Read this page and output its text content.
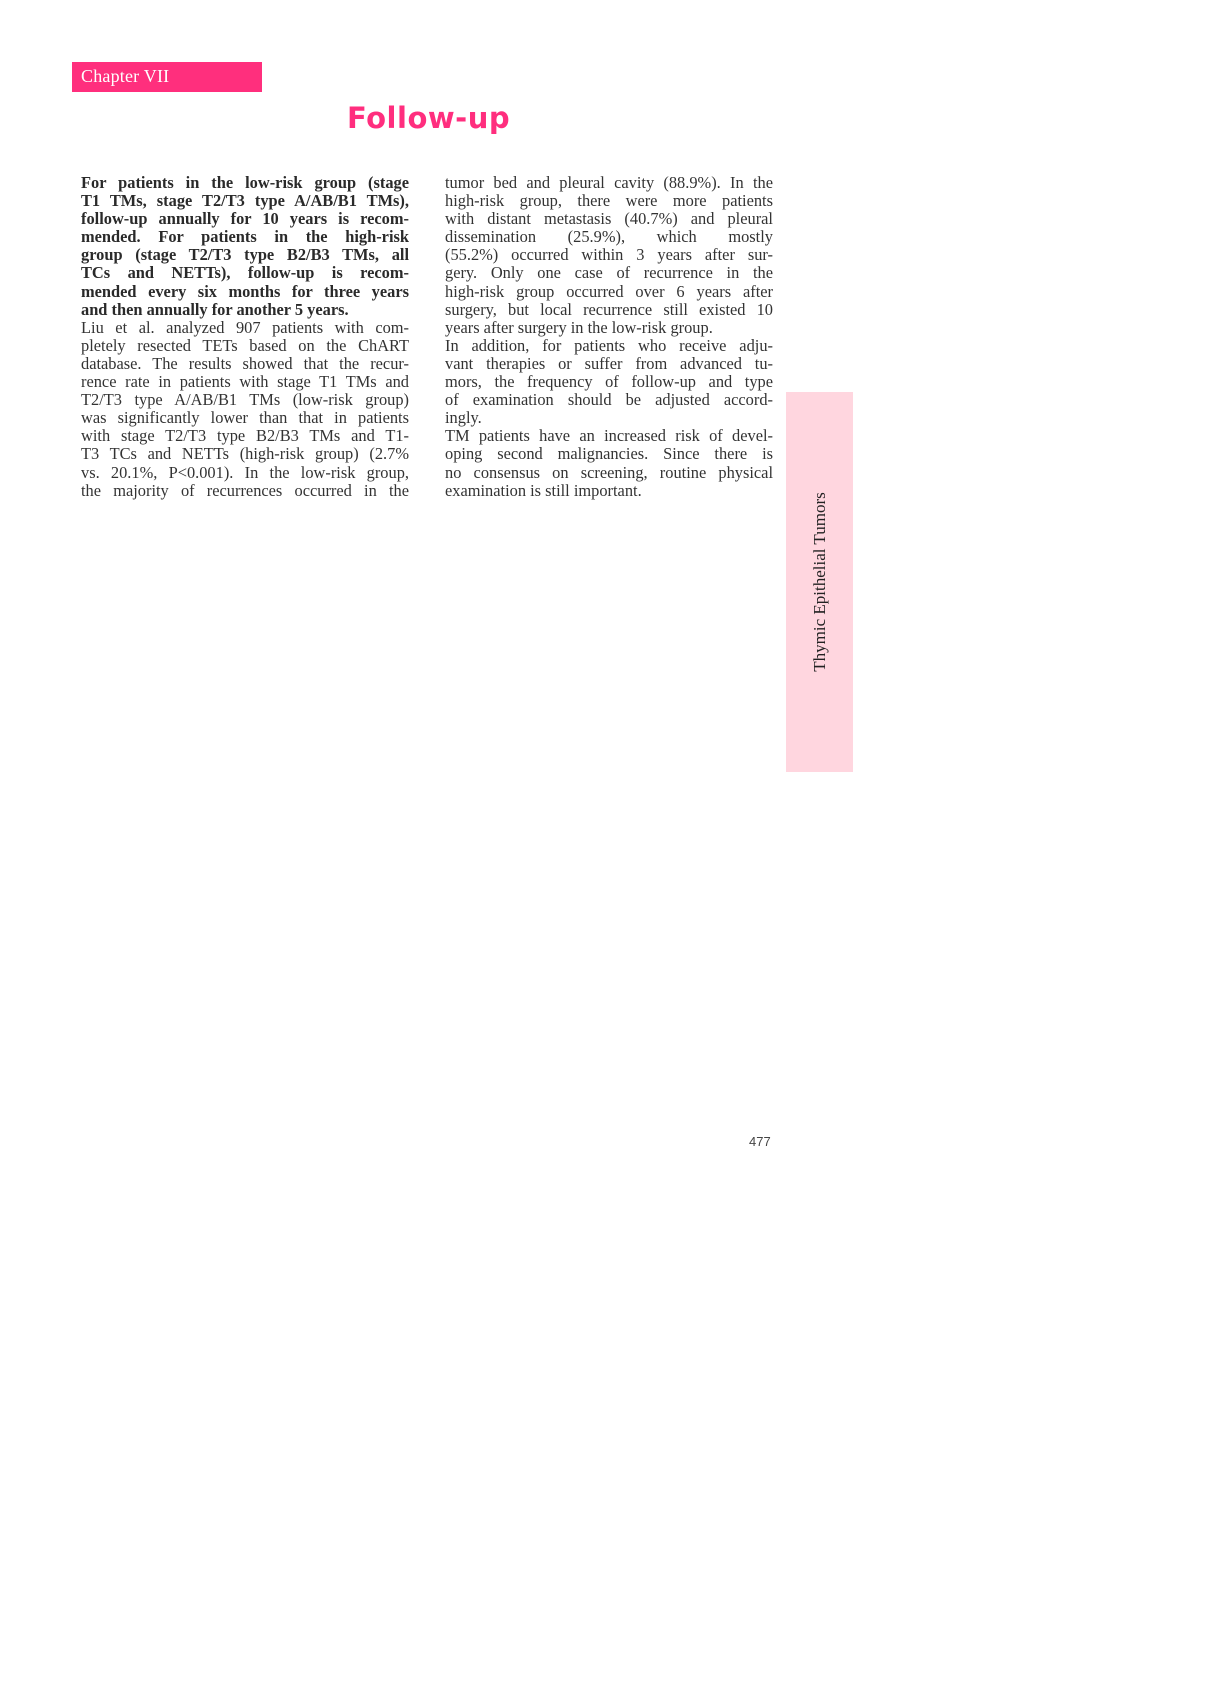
Chapter VII
Follow-up
For patients in the low-risk group (stage
T1 TMs, stage T2/T3 type A/AB/B1 TMs),
follow-up annually for 10 years is recom-
mended. For patients in the high-risk
group (stage T2/T3 type B2/B3 TMs, all
TCs and NETTs), follow-up is recom-
mended every six months for three years
and then annually for another 5 years.
Liu et al. analyzed 907 patients with com-
pletely resected TETs based on the ChART
database. The results showed that the recur-
rence rate in patients with stage T1 TMs and
T2/T3 type A/AB/B1 TMs (low-risk group)
was significantly lower than that in patients
with stage T2/T3 type B2/B3 TMs and T1-
T3 TCs and NETTs (high-risk group) (2.7%
vs. 20.1%, P<0.001). In the low-risk group,
the majority of recurrences occurred in the
tumor bed and pleural cavity (88.9%). In the
high-risk group, there were more patients
with distant metastasis (40.7%) and pleural
dissemination (25.9%), which mostly
(55.2%) occurred within 3 years after sur-
gery. Only one case of recurrence in the
high-risk group occurred over 6 years after
surgery, but local recurrence still existed 10
years after surgery in the low-risk group.
In addition, for patients who receive adju-
vant therapies or suffer from advanced tu-
mors, the frequency of follow-up and type
of examination should be adjusted accord-
ingly.
TM patients have an increased risk of devel-
oping second malignancies. Since there is
no consensus on screening, routine physical
examination is still important.
Thymic Epithelial Tumors
477
